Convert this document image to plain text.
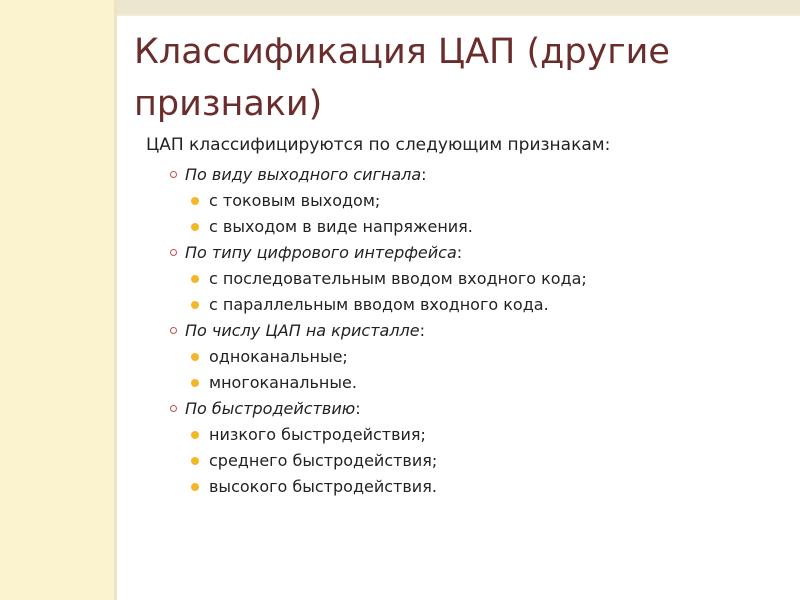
Классификация ЦАП (другие признаки)
ЦАП классифицируются по следующим признакам:
По виду выходного сигнала :
с токовым выходом;
с выходом в виде напряжения.
По типу цифрового интерфейса :
с последовательным вводом входного кода;
с параллельным вводом входного кода.
По числу ЦАП на кристалле :
одноканальные;
многоканальные.
По быстродействию :
низкого быстродействия;
среднего быстродействия;
высокого быстродействия.
